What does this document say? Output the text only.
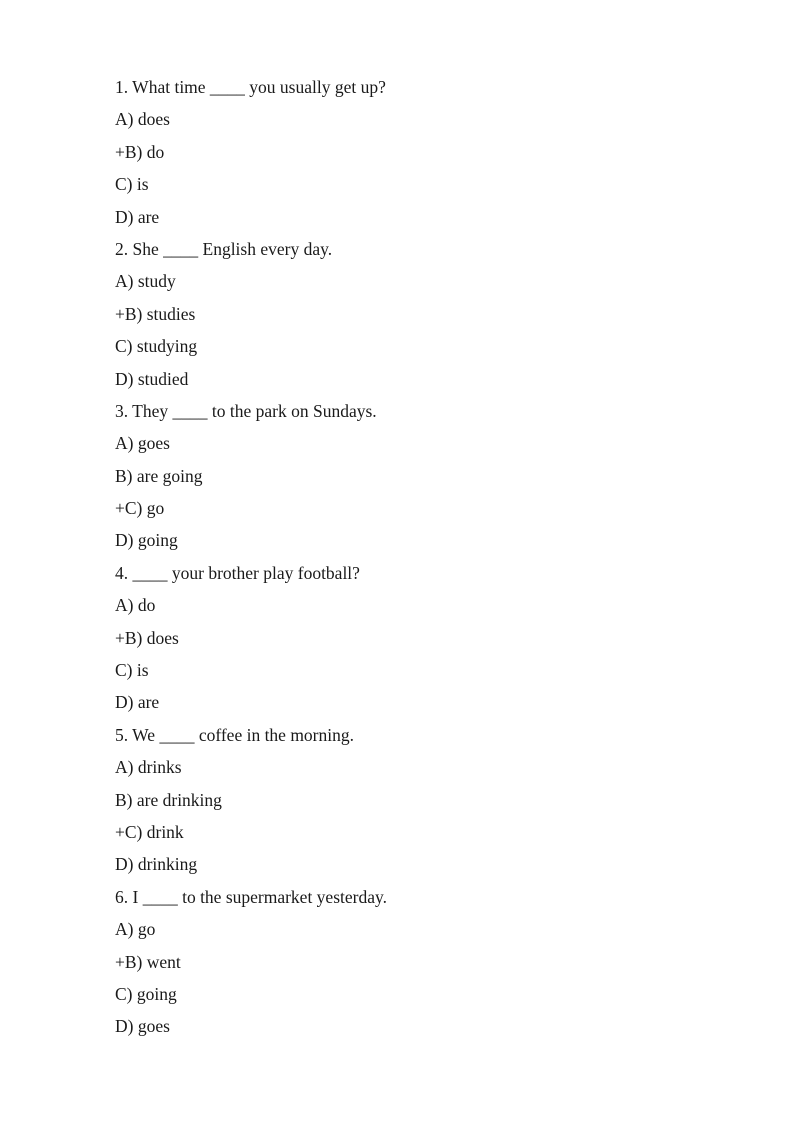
1. What time ____ you usually get up?
A) does
+B) do
C) is
D) are
2. She ____ English every day.
A) study
+B) studies
C) studying
D) studied
3. They ____ to the park on Sundays.
A) goes
B) are going
+C) go
D) going
4. ____ your brother play football?
A) do
+B) does
C) is
D) are
5. We ____ coffee in the morning.
A) drinks
B) are drinking
+C) drink
D) drinking
6. I ____ to the supermarket yesterday.
A) go
+B) went
C) going
D) goes
